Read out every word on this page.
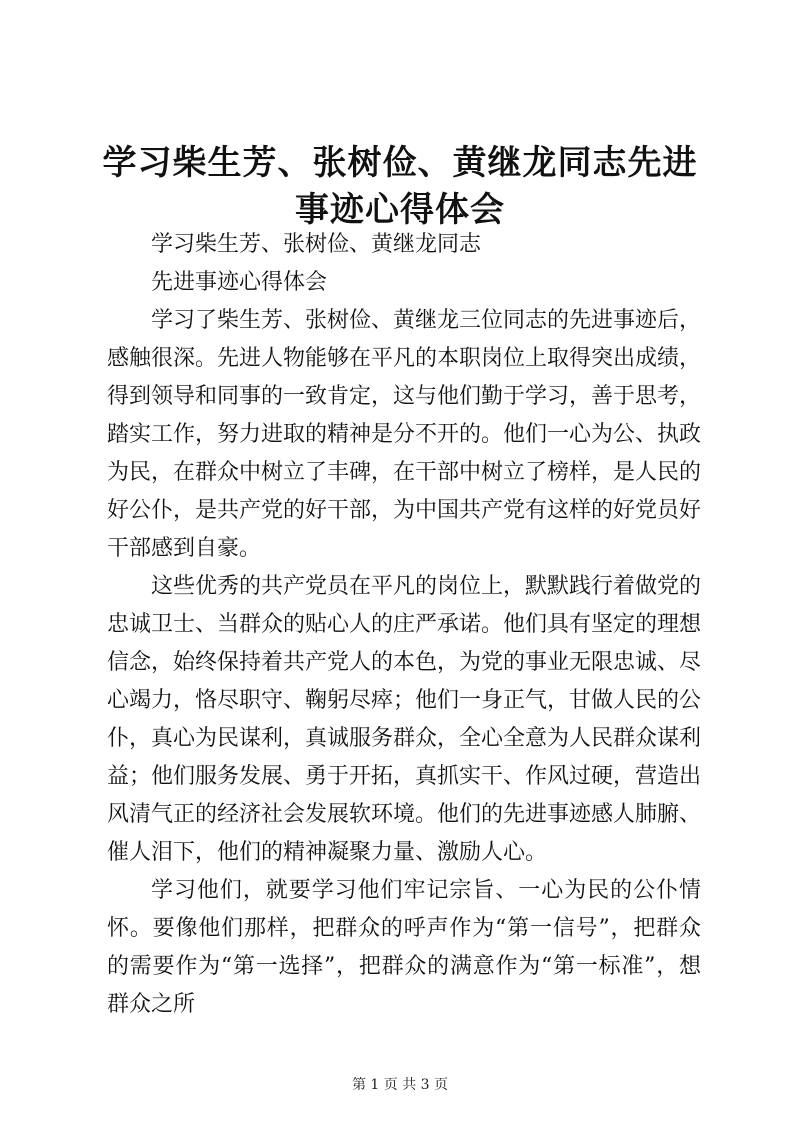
学习柴生芳、张树俭、黄继龙同志先进事迹心得体会

学习柴生芳、张树俭、黄继龙同志

先进事迹心得体会

学习了柴生芳、张树俭、黄继龙三位同志的先进事迹后，感触很深。先进人物能够在平凡的本职岗位上取得突出成绩，得到领导和同事的一致肯定，这与他们勤于学习，善于思考，踏实工作，努力进取的精神是分不开的。他们一心为公、执政为民，在群众中树立了丰碑，在干部中树立了榜样，是人民的好公仆，是共产党的好干部，为中国共产党有这样的好党员好干部感到自豪。

这些优秀的共产党员在平凡的岗位上，默默践行着做党的忠诚卫士、当群众的贴心人的庄严承诺。他们具有坚定的理想信念，始终保持着共产党人的本色，为党的事业无限忠诚、尽心竭力，恪尽职守、鞠躬尽瘁；他们一身正气，甘做人民的公仆，真心为民谋利，真诚服务群众，全心全意为人民群众谋利益；他们服务发展、勇于开拓，真抓实干、作风过硬，营造出风清气正的经济社会发展软环境。他们的先进事迹感人肺腑、催人泪下，他们的精神凝聚力量、激励人心。

学习他们，就要学习他们牢记宗旨、一心为民的公仆情怀。要像他们那样，把群众的呼声作为“第一信号”，把群众的需要作为“第一选择”，把群众的满意作为“第一标准”，想群众之所

第 1 页 共 3 页
